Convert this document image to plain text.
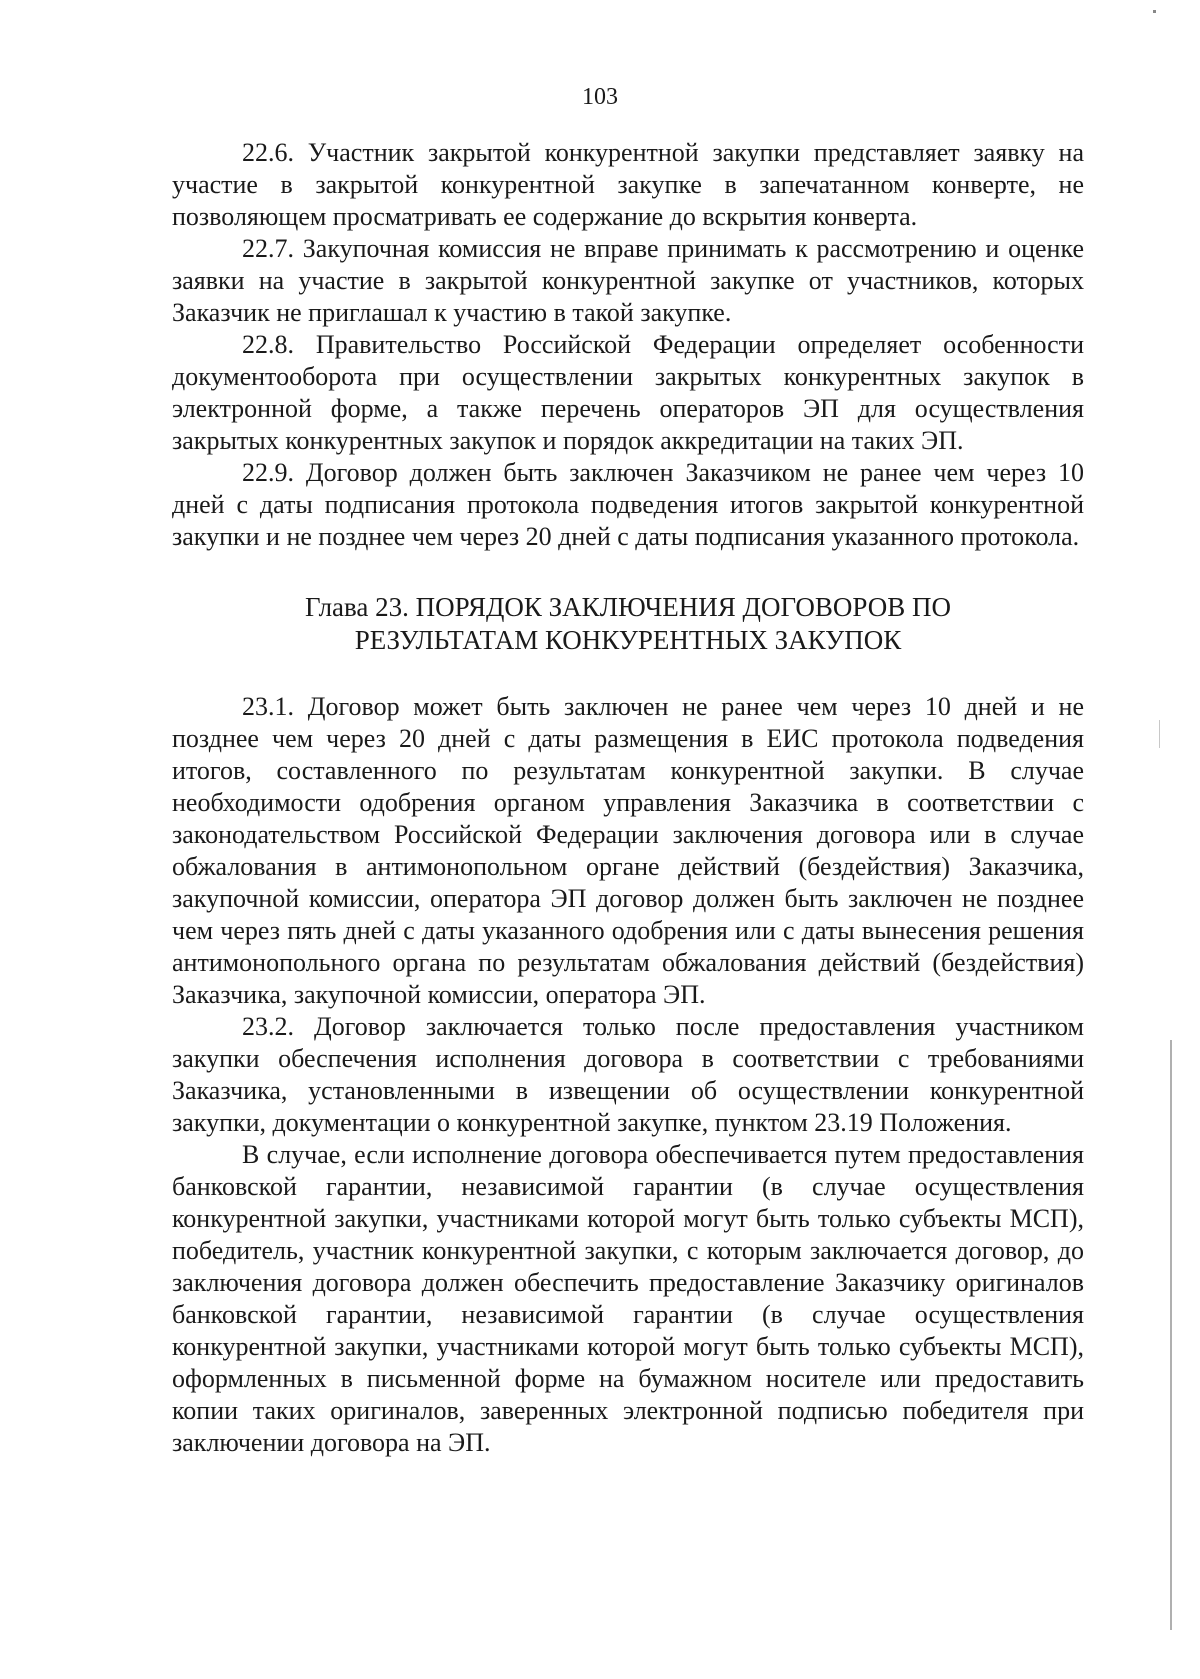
103

22.6. Участник закрытой конкурентной закупки представляет заявку на участие в закрытой конкурентной закупке в запечатанном конверте, не позволяющем просматривать ее содержание до вскрытия конверта.

22.7. Закупочная комиссия не вправе принимать к рассмотрению и оценке заявки на участие в закрытой конкурентной закупке от участников, которых Заказчик не приглашал к участию в такой закупке.

22.8. Правительство Российской Федерации определяет особенности документооборота при осуществлении закрытых конкурентных закупок в электронной форме, а также перечень операторов ЭП для осуществления закрытых конкурентных закупок и порядок аккредитации на таких ЭП.

22.9. Договор должен быть заключен Заказчиком не ранее чем через 10 дней с даты подписания протокола подведения итогов закрытой конкурентной закупки и не позднее чем через 20 дней с даты подписания указанного протокола.

Глава 23. ПОРЯДОК ЗАКЛЮЧЕНИЯ ДОГОВОРОВ ПО
РЕЗУЛЬТАТАМ КОНКУРЕНТНЫХ ЗАКУПОК

23.1. Договор может быть заключен не ранее чем через 10 дней и не позднее чем через 20 дней с даты размещения в ЕИС протокола подведения итогов, составленного по результатам конкурентной закупки. В случае необходимости одобрения органом управления Заказчика в соответствии с законодательством Российской Федерации заключения договора или в случае обжалования в антимонопольном органе действий (бездействия) Заказчика, закупочной комиссии, оператора ЭП договор должен быть заключен не позднее чем через пять дней с даты указанного одобрения или с даты вынесения решения антимонопольного органа по результатам обжалования действий (бездействия) Заказчика, закупочной комиссии, оператора ЭП.

23.2. Договор заключается только после предоставления участником закупки обеспечения исполнения договора в соответствии с требованиями Заказчика, установленными в извещении об осуществлении конкурентной закупки, документации о конкурентной закупке, пунктом 23.19 Положения.

В случае, если исполнение договора обеспечивается путем предоставления банковской гарантии, независимой гарантии (в случае осуществления конкурентной закупки, участниками которой могут быть только субъекты МСП), победитель, участник конкурентной закупки, с которым заключается договор, до заключения договора должен обеспечить предоставление Заказчику оригиналов банковской гарантии, независимой гарантии (в случае осуществления конкурентной закупки, участниками которой могут быть только субъекты МСП), оформленных в письменной форме на бумажном носителе или предоставить копии таких оригиналов, заверенных электронной подписью победителя при заключении договора на ЭП.
